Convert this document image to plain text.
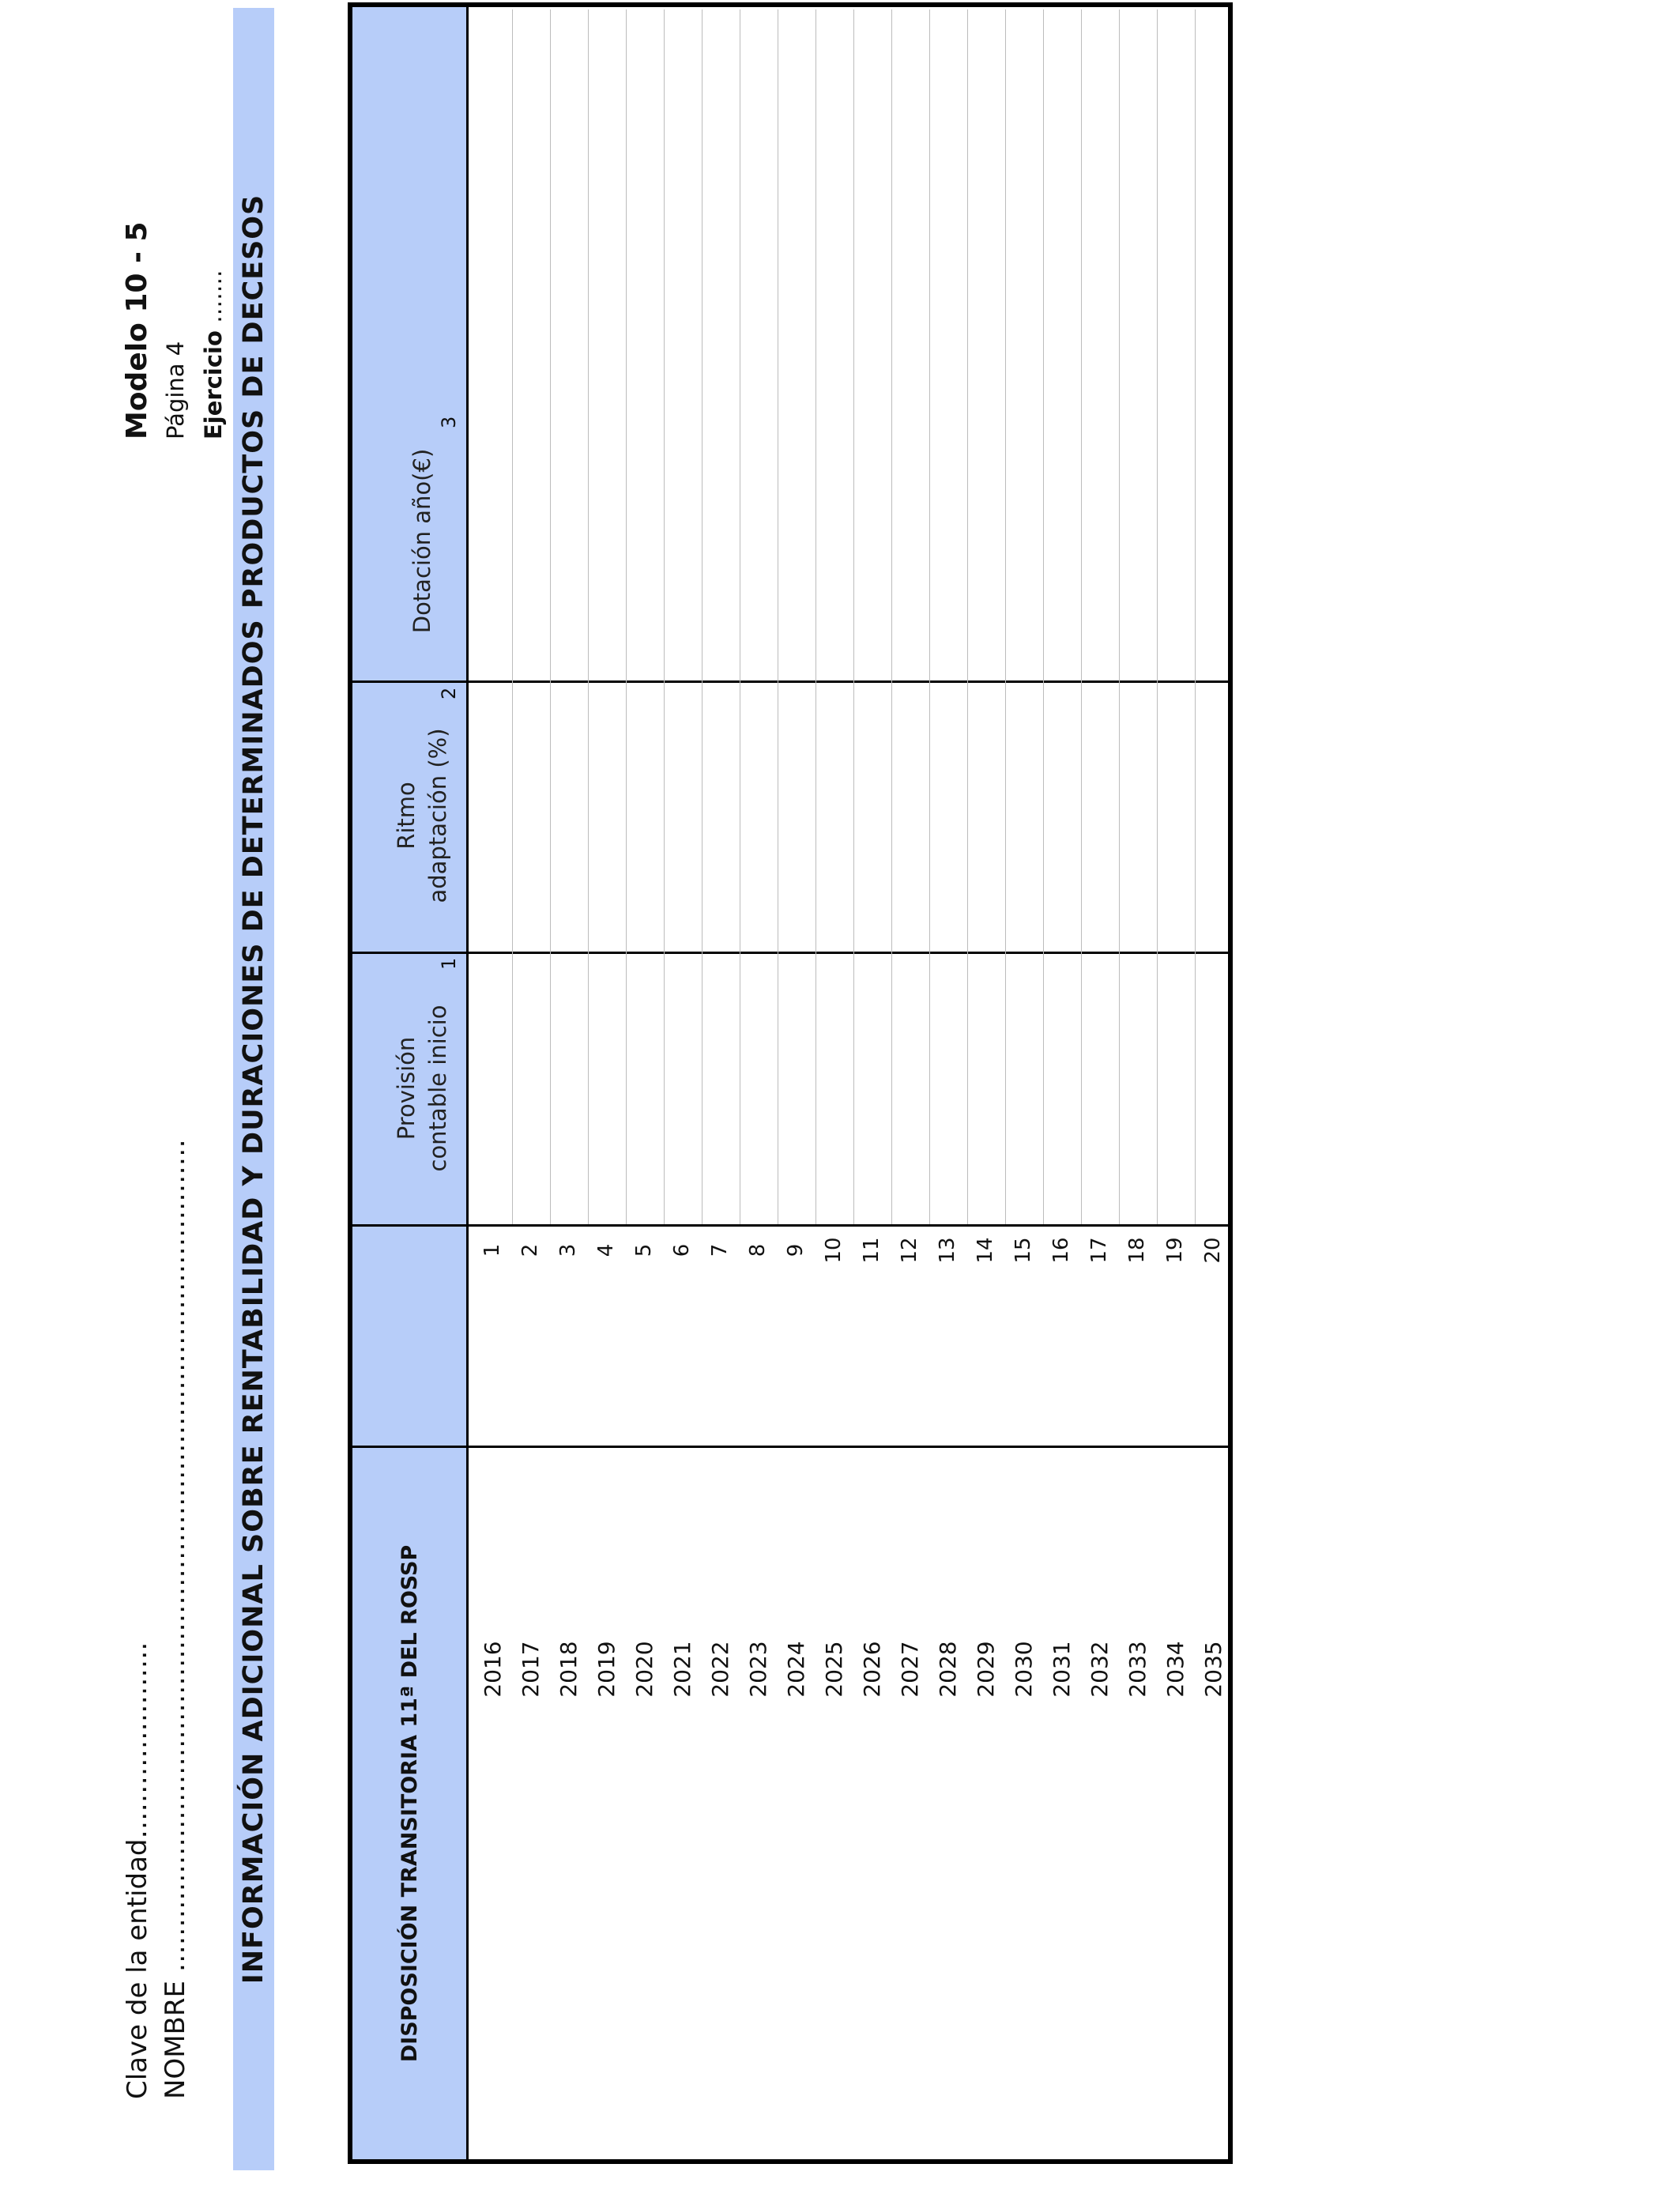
Clave de la entidad…………………. NOMBRE …………………………………………………………………………………
Modelo 10 - 5 Página 4 Ejercicio ……. INFORMACIÓN ADICIONAL SOBRE RENTABILIDAD Y DURACIONES DE DETERMINADOS PRODUCTOS DE DECESOS	DISPOSICIÓN TRANSITORIA 11ª DEL ROSSP
Provisión contable inicio
Ritmo adaptación (%)
Dotación año(€)
1
2
3
2016
1
2017
2
2018
3
2019
4
2020
5
2021
6
2022
7
2023
8
2024
9
2025
10
2026
11
2027
12
2028
13
2029
14
2030
15
2031
16
2032
17
2033
18
2034
19
2035
20
